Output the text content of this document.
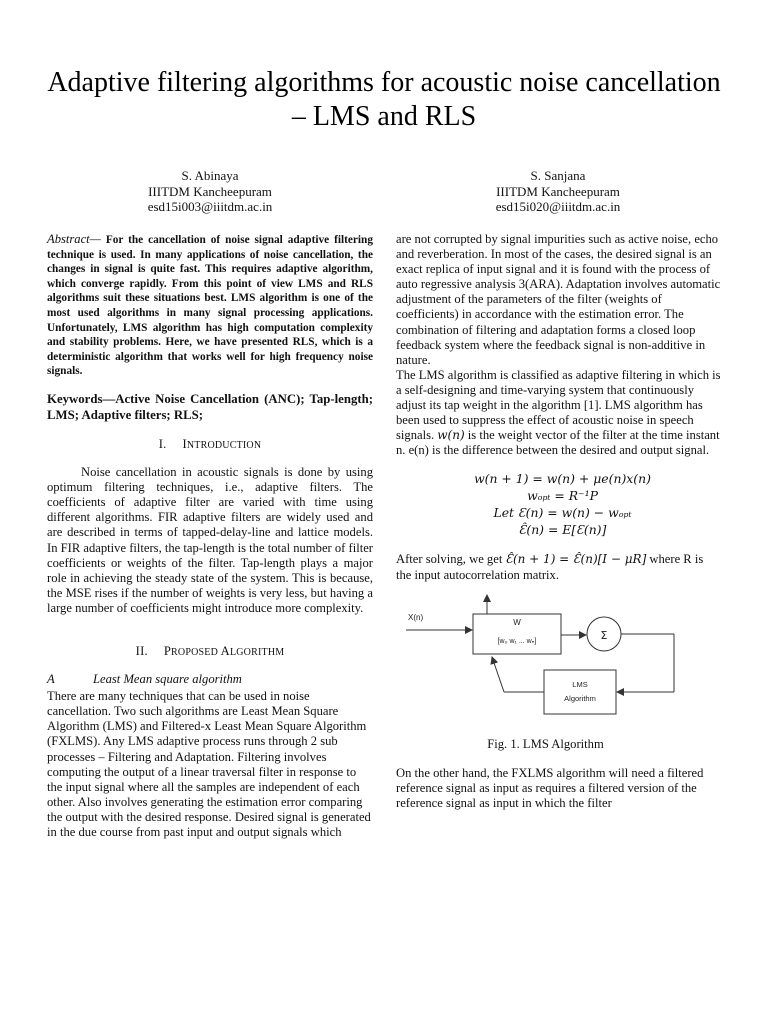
Adaptive filtering algorithms for acoustic noise cancellation – LMS and RLS
S. Abinaya
IIITDM Kancheepuram
esd15i003@iiitdm.ac.in
S. Sanjana
IIITDM Kancheepuram
esd15i020@iiitdm.ac.in

Abstract— For the cancellation of noise signal adaptive filtering technique is used. In many applications of noise cancellation, the changes in signal is quite fast. This requires adaptive algorithm, which converge rapidly. From this point of view LMS and RLS algorithms suit these situations best. LMS algorithm is one of the most used algorithms in many signal processing applications. Unfortunately, LMS algorithm has high computation complexity and stability problems. Here, we have presented RLS, which is a deterministic algorithm that works well for high frequency noise signals.

Keywords—Active Noise Cancellation (ANC); Tap-length; LMS; Adaptive filters; RLS;

I. INTRODUCTION

Noise cancellation in acoustic signals is done by using optimum filtering techniques, i.e., adaptive filters. The coefficients of adaptive filter are varied with time using different algorithms. FIR adaptive filters are widely used and are described in terms of tapped-delay-line and lattice models. In FIR adaptive filters, the tap-length is the total number of filter coefficients or weights of the filter. Tap-length plays a major role in achieving the steady state of the system. This is because, the MSE rises if the number of weights is very less, but having a large number of coefficients might introduce more complexity.

II. PROPOSED ALGORITHM

A	Least Mean square algorithm

There are many techniques that can be used in noise cancellation. Two such algorithms are Least Mean Square Algorithm (LMS) and Filtered-x Least Mean Square Algorithm (FXLMS). Any LMS adaptive process runs through 2 sub processes – Filtering and Adaptation. Filtering involves computing the output of a linear traversal filter in response to the input signal where all the samples are independent of each other. Also involves generating the estimation error comparing the output with the desired response. Desired signal is generated in the due course from past input and output signals which

are not corrupted by signal impurities such as active noise, echo and reverberation. In most of the cases, the desired signal is an exact replica of input signal and it is found with the process of auto regressive analysis 3(ARA). Adaptation involves automatic adjustment of the parameters of the filter (weights of coefficients) in accordance with the estimation error. The combination of filtering and adaptation forms a closed loop feedback system where the feedback signal is non-additive in nature.

The LMS algorithm is classified as adaptive filtering in which is a self-designing and time-varying system that continuously adjust its tap weight in the algorithm [1]. LMS algorithm has been used to suppress the effect of acoustic noise in speech signals. w(n) is the weight vector of the filter at the time instant n. e(n) is the difference between the desired and output signal.

w(n + 1) = w(n) + μe(n)x(n)
wₒₚₜ = R⁻¹P
Let Ɛ(n) = w(n) − wₒₚₜ
Ɛ̂(n) = E[Ɛ(n)]

After solving, we get Ɛ̂(n + 1) = Ɛ̂(n)[I − μR] where R is the input autocorrelation matrix.

X(n)
W
[w₀ w₁ ... wₙ]	Σ
LMS
Algorithm

Fig. 1. LMS Algorithm

On the other hand, the FXLMS algorithm will need a filtered reference signal as input as requires a filtered version of the reference signal as input in which the filter
